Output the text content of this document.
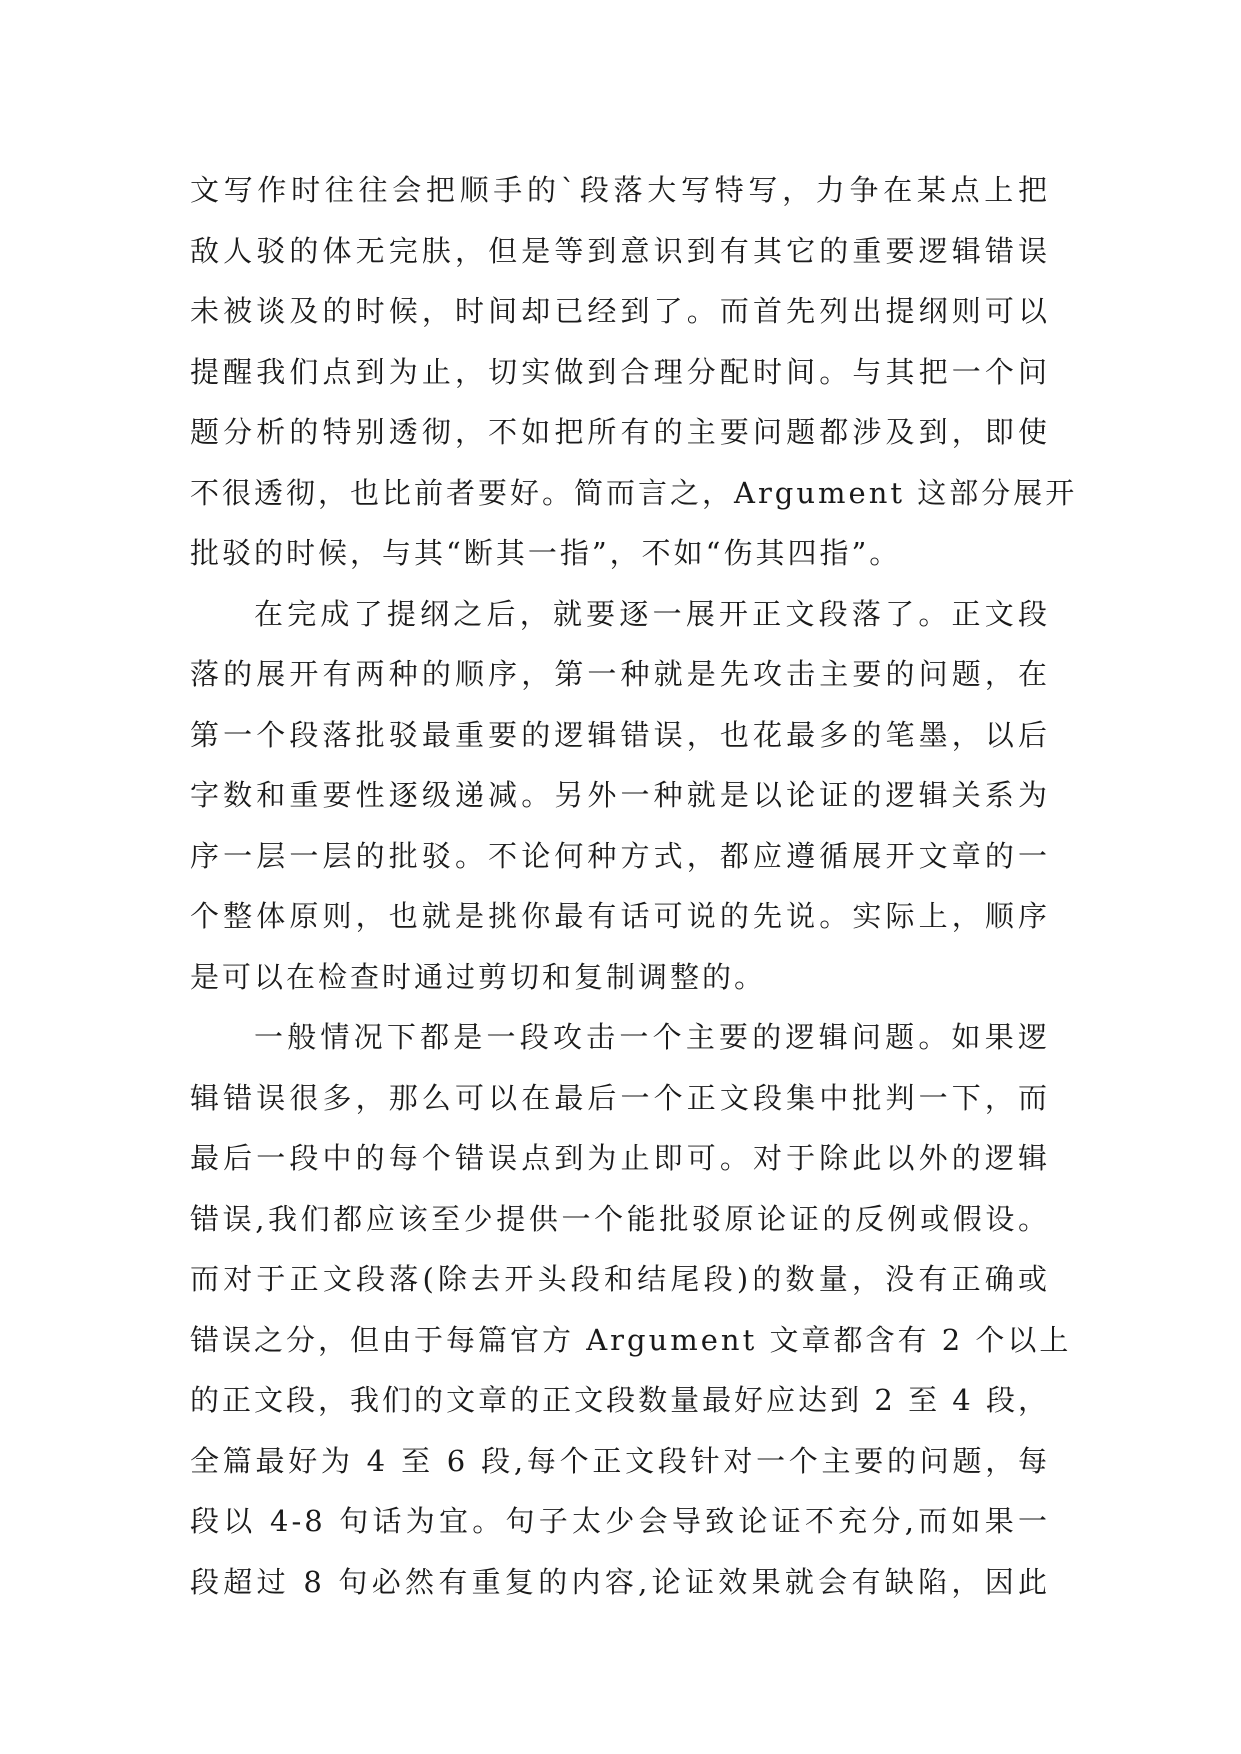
文写作时往往会把顺手的`段落大写特写，力争在某点上把
敌人驳的体无完肤，但是等到意识到有其它的重要逻辑错误
未被谈及的时候，时间却已经到了。而首先列出提纲则可以
提醒我们点到为止，切实做到合理分配时间。与其把一个问
题分析的特别透彻，不如把所有的主要问题都涉及到，即使
不很透彻，也比前者要好。简而言之，Argument 这部分展开
批驳的时候，与其“断其一指”，不如“伤其四指”。
在完成了提纲之后，就要逐一展开正文段落了。正文段
落的展开有两种的顺序，第一种就是先攻击主要的问题，在
第一个段落批驳最重要的逻辑错误，也花最多的笔墨，以后
字数和重要性逐级递减。另外一种就是以论证的逻辑关系为
序一层一层的批驳。不论何种方式，都应遵循展开文章的一
个整体原则，也就是挑你最有话可说的先说。实际上，顺序
是可以在检查时通过剪切和复制调整的。
一般情况下都是一段攻击一个主要的逻辑问题。如果逻
辑错误很多，那么可以在最后一个正文段集中批判一下，而
最后一段中的每个错误点到为止即可。对于除此以外的逻辑
错误,我们都应该至少提供一个能批驳原论证的反例或假设。
而对于正文段落(除去开头段和结尾段)的数量，没有正确或
错误之分，但由于每篇官方 Argument 文章都含有 2 个以上
的正文段，我们的文章的正文段数量最好应达到 2 至 4 段，
全篇最好为 4 至 6 段,每个正文段针对一个主要的问题，每
段以 4-8 句话为宜。句子太少会导致论证不充分,而如果一
段超过 8 句必然有重复的内容,论证效果就会有缺陷，因此
